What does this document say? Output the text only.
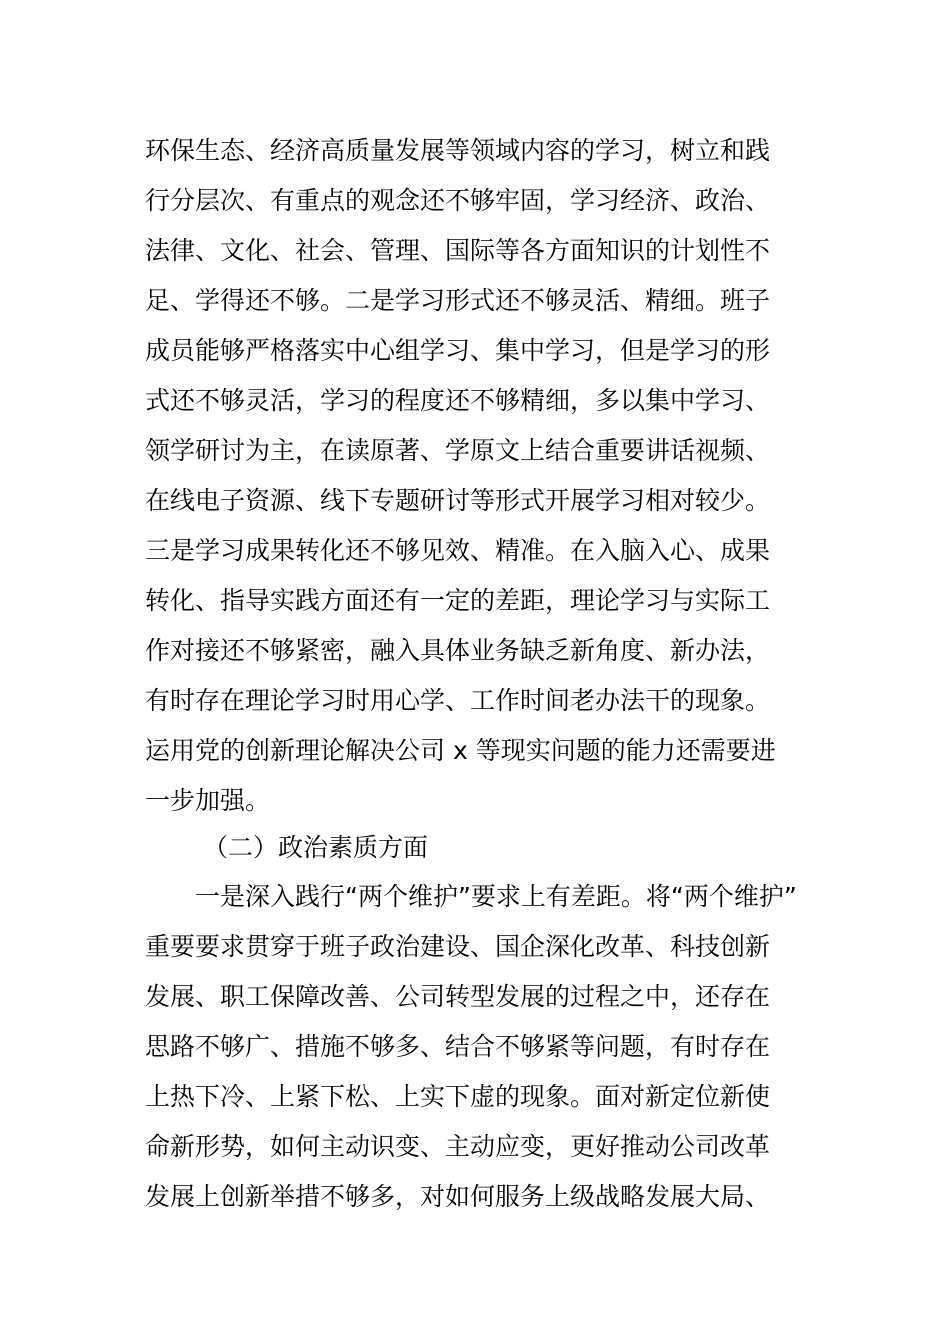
环保生态、经济高质量发展等领域内容的学习，树立和践
行分层次、有重点的观念还不够牢固，学习经济、政治、
法律、文化、社会、管理、国际等各方面知识的计划性不
足、学得还不够。二是学习形式还不够灵活、精细。班子
成员能够严格落实中心组学习、集中学习，但是学习的形
式还不够灵活，学习的程度还不够精细，多以集中学习、
领学研讨为主，在读原著、学原文上结合重要讲话视频、
在线电子资源、线下专题研讨等形式开展学习相对较少。
三是学习成果转化还不够见效、精准。在入脑入心、成果
转化、指导实践方面还有一定的差距，理论学习与实际工
作对接还不够紧密，融入具体业务缺乏新角度、新办法，
有时存在理论学习时用心学、工作时间老办法干的现象。
运用党的创新理论解决公司 x 等现实问题的能力还需要进
一步加强。
（二）政治素质方面
一是深入践行“两个维护”要求上有差距。将“两个维护”
重要要求贯穿于班子政治建设、国企深化改革、科技创新
发展、职工保障改善、公司转型发展的过程之中，还存在
思路不够广、措施不够多、结合不够紧等问题，有时存在
上热下冷、上紧下松、上实下虚的现象。面对新定位新使
命新形势，如何主动识变、主动应变，更好推动公司改革
发展上创新举措不够多，对如何服务上级战略发展大局、
